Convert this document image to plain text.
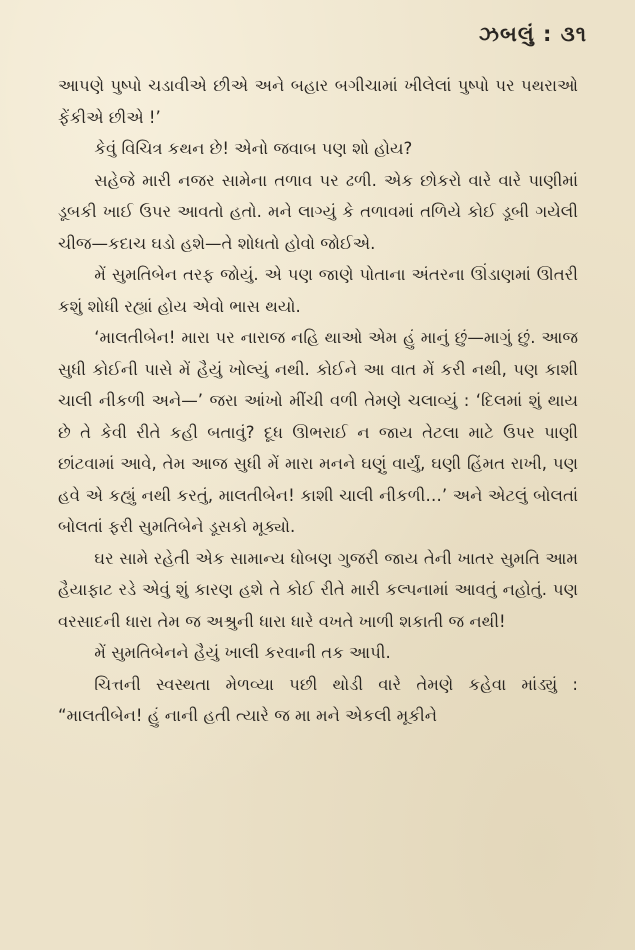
ઝબલું : ૩૧

આપણે પુષ્પો ચડાવીએ છીએ અને બહાર બગીચામાં ખીલેલાં પુષ્પો પર પથરાઓ ફેંકીએ છીએ !’

કેવું વિચિત્ર કથન છે! એનો જવાબ પણ શો હોય?

સહેજે મારી નજર સામેના તળાવ પર ઢળી. એક છોકરો વારે વારે પાણીમાં ડૂબકી ખાઈ ઉપર આવતો હતો. મને લાગ્યું કે તળાવમાં તળિયે કોઈ ડૂબી ગયેલી ચીજ—કદાચ ઘડો હશે—તે શોધતો હોવો જોઈએ.

મેં સુમતિબેન તરફ જોયું. એ પણ જાણે પોતાના અંતરના ઊંડાણમાં ઊતરી કશું શોધી રહ્યાં હોય એવો ભાસ થયો.

‘માલતીબેન! મારા પર નારાજ નહિ થાઓ એમ હું માનું છું—માગું છું. આજ સુધી કોઈની પાસે મેં હૈયું ખોલ્યું નથી. કોઈને આ વાત મેં કરી નથી, પણ કાશી ચાલી નીકળી અને—’ જરા આંખો મીંચી વળી તેમણે ચલાવ્યું : ‘દિલમાં શું થાય છે તે કેવી રીતે કહી બતાવું? દૂધ ઊભરાઈ ન જાય તેટલા માટે ઉપર પાણી છાંટવામાં આવે, તેમ આજ સુધી મેં મારા મનને ઘણું વાર્યું, ઘણી હિંમત રાખી, પણ હવે એ કહ્યું નથી કરતું, માલતીબેન! કાશી ચાલી નીકળી…’ અને એટલું બોલતાં બોલતાં ફરી સુમતિબેને ડૂસકો મૂક્યો.

ઘર સામે રહેતી એક સામાન્ય ધોબણ ગુજરી જાય તેની ખાતર સુમતિ આમ હૈયાફાટ રડે એવું શું કારણ હશે તે કોઈ રીતે મારી કલ્પનામાં આવતું નહોતું. પણ વરસાદની ધારા તેમ જ અશ્રુની ધારા ધારે વખતે ખાળી શકાતી જ નથી!

મેં સુમતિબેનને હૈયું ખાલી કરવાની તક આપી.

ચિત્તની સ્વસ્થતા મેળવ્યા પછી થોડી વારે તેમણે કહેવા માંડ્યું : “માલતીબેન! હું નાની હતી ત્યારે જ મા મને એકલી મૂકીને
